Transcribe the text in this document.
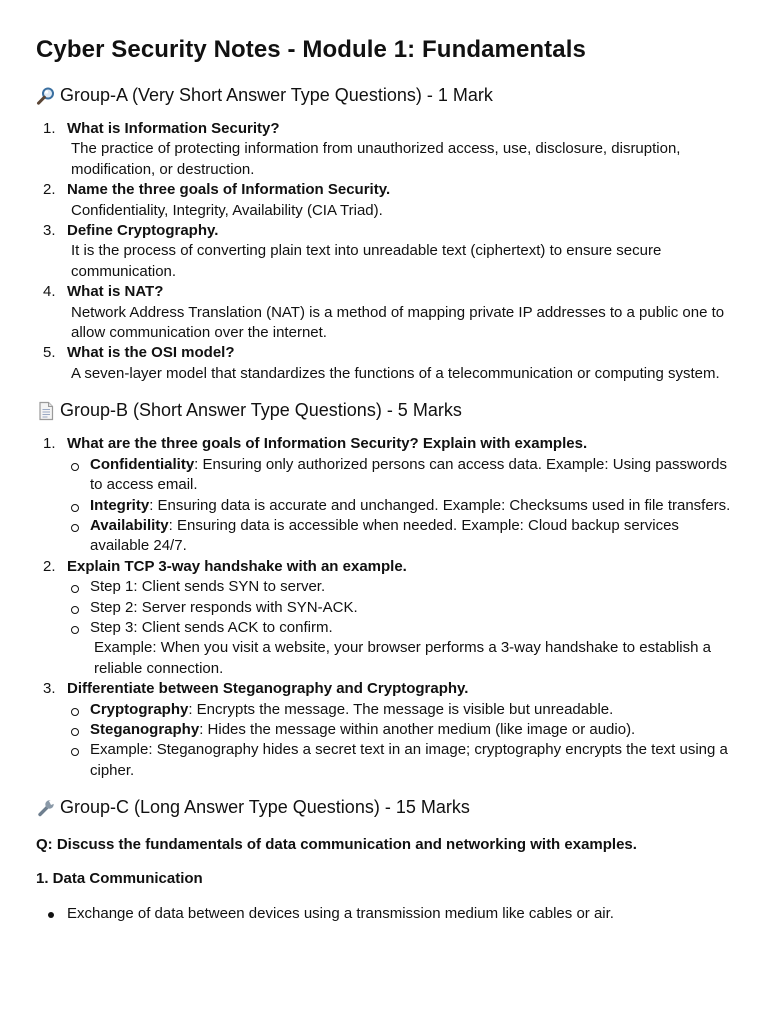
Cyber Security Notes - Module 1: Fundamentals
Group-A (Very Short Answer Type Questions) - 1 Mark
1. What is Information Security?
The practice of protecting information from unauthorized access, use, disclosure, disruption, modification, or destruction.
2. Name the three goals of Information Security.
Confidentiality, Integrity, Availability (CIA Triad).
3. Define Cryptography.
It is the process of converting plain text into unreadable text (ciphertext) to ensure secure communication.
4. What is NAT?
Network Address Translation (NAT) is a method of mapping private IP addresses to a public one to allow communication over the internet.
5. What is the OSI model?
A seven-layer model that standardizes the functions of a telecommunication or computing system.
Group-B (Short Answer Type Questions) - 5 Marks
1. What are the three goals of Information Security? Explain with examples.
Confidentiality: Ensuring only authorized persons can access data. Example: Using passwords to access email.
Integrity: Ensuring data is accurate and unchanged. Example: Checksums used in file transfers.
Availability: Ensuring data is accessible when needed. Example: Cloud backup services available 24/7.
2. Explain TCP 3-way handshake with an example.
Step 1: Client sends SYN to server.
Step 2: Server responds with SYN-ACK.
Step 3: Client sends ACK to confirm.
Example: When you visit a website, your browser performs a 3-way handshake to establish a reliable connection.
3. Differentiate between Steganography and Cryptography.
Cryptography: Encrypts the message. The message is visible but unreadable.
Steganography: Hides the message within another medium (like image or audio).
Example: Steganography hides a secret text in an image; cryptography encrypts the text using a cipher.
Group-C (Long Answer Type Questions) - 15 Marks
Q: Discuss the fundamentals of data communication and networking with examples.
1. Data Communication
Exchange of data between devices using a transmission medium like cables or air.
